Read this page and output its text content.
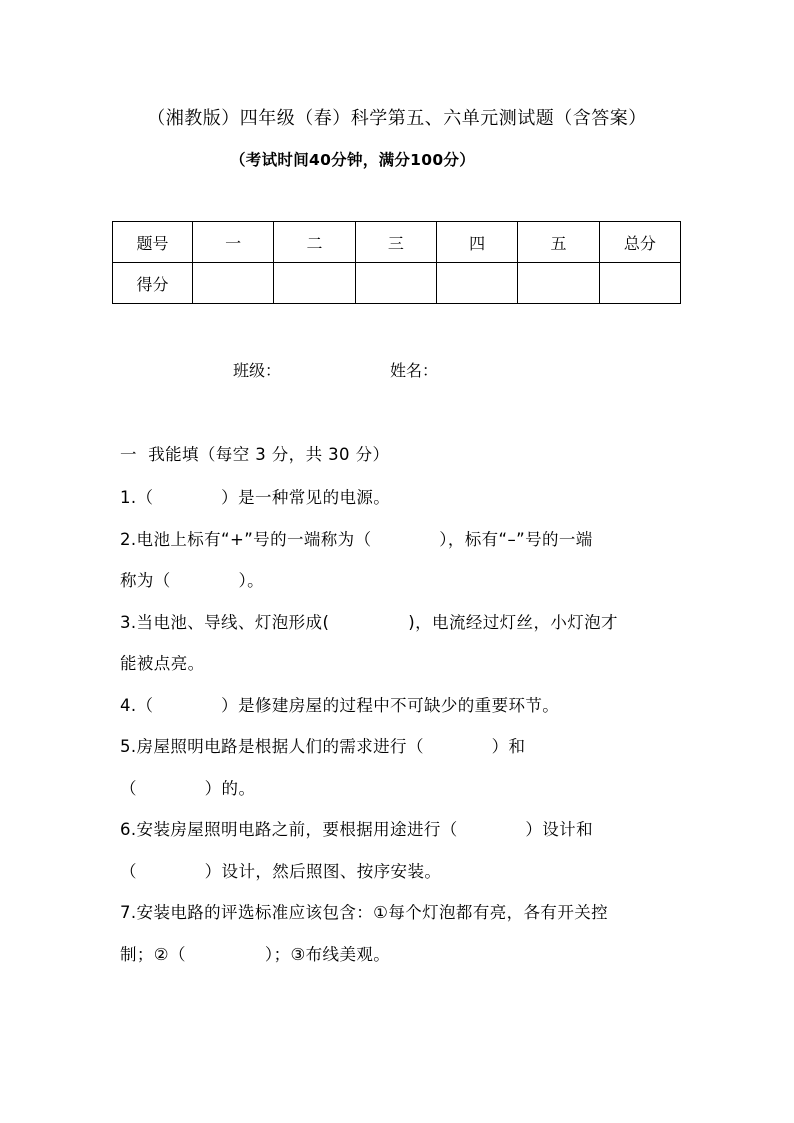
（湘教版）四年级（春）科学第五、六单元测试题（含答案）
（考试时间40分钟，满分100分）
题号	一	二	三	四	五	总分
得分						
班级：	姓名：
一  我能填（每空 3 分，共 30 分）
1.（            ）是一种常见的电源。
2.电池上标有“+”号的一端称为（            ），标有“–”号的一端
称为（            ）。
3.当电池、导线、灯泡形成(              )，电流经过灯丝，小灯泡才
能被点亮。
4.（            ）是修建房屋的过程中不可缺少的重要环节。
5.房屋照明电路是根据人们的需求进行（            ）和
（            ）的。
6.安装房屋照明电路之前，要根据用途进行（            ）设计和
（            ）设计，然后照图、按序安装。
7.安装电路的评选标准应该包含：①每个灯泡都有亮，各有开关控
制；②（              ）；③布线美观。
